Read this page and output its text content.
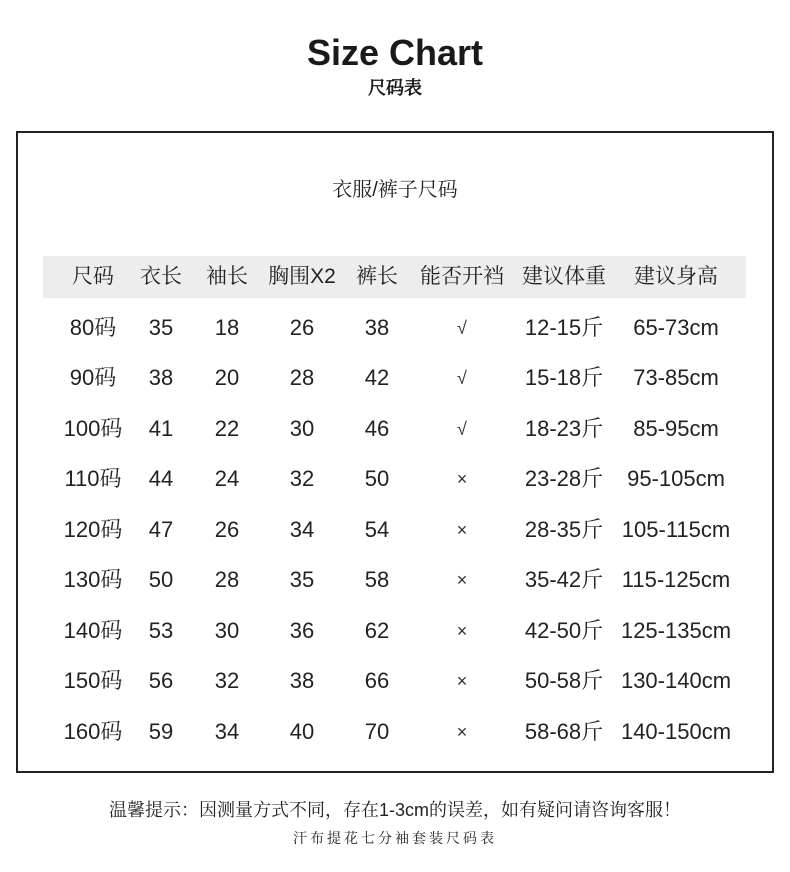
Size Chart
尺码表
衣服/裤子尺码
尺码	衣长	袖长 胸围X2 裤长	能否开裆 建议体重	建议身高
80码	35	18	26	38	√	12-15斤	65-73cm
90码	38	20	28	42	√	15-18斤	73-85cm
100码	41	22	30	46	√	18-23斤	85-95cm
110码	44	24	32	50	×	23-28斤	95-105cm
120码	47	26	34	54	×	28-35斤 105-115cm
130码	50	28	35	58	×	35-42斤 115-125cm
140码	53	30	36	62	×	42-50斤 125-135cm
150码	56	32	38	66	×	50-58斤 130-140cm
160码	59	34	40	70	×	58-68斤 140-150cm
温馨提示：因测量方式不同，存在1-3cm的误差，如有疑问请咨询客服！
汗布提花七分袖套装尺码表
